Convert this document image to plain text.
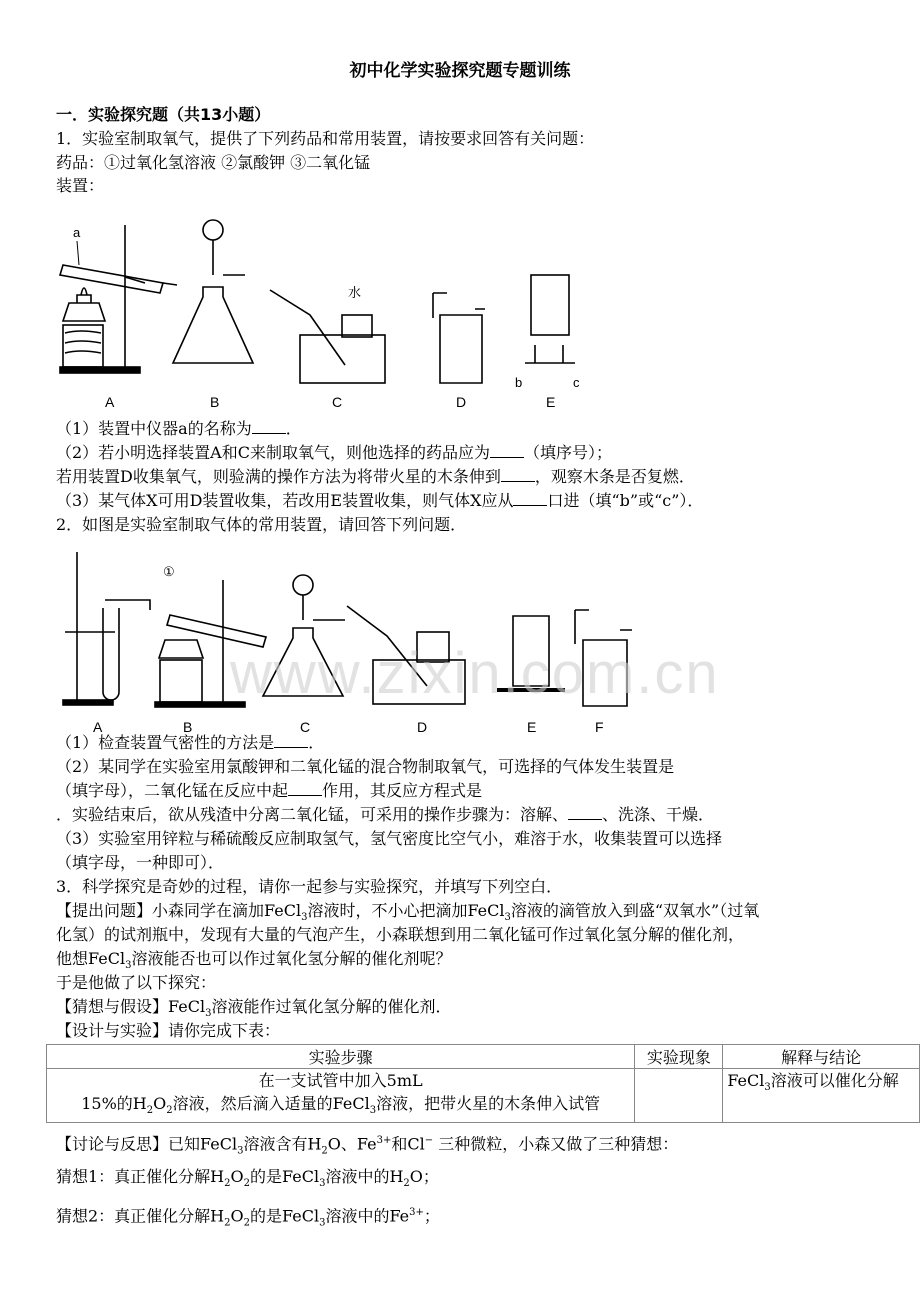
初中化学实验探究题专题训练
一．实验探究题（共13小题）
1．实验室制取氧气，提供了下列药品和常用装置，请按要求回答有关问题：
药品：①过氧化氢溶液 ②氯酸钾 ③二氧化锰
装置：
a
水
b	c
A	B	C	D	E
（1）装置中仪器a的名称为 ．
（2）若小明选择装置A和C来制取氧气，则他选择的药品应为 （填序号）；
若用装置D收集氧气，则验满的操作方法为将带火星的木条伸到 ，观察木条是否复燃．
（3）某气体X可用D装置收集，若改用E装置收集，则气体X应从 口进（填“b”或“c”）．
2．如图是实验室制取气体的常用装置，请回答下列问题．
①
A	B	C	D	E	F
www.zixin.com.cn
（1）检查装置气密性的方法是 ．
（2）某同学在实验室用氯酸钾和二氧化锰的混合物制取氧气，可选择的气体发生装置是
（填字母），二氧化锰在反应中起 作用，其反应方程式是
．实验结束后，欲从残渣中分离二氧化锰，可采用的操作步骤为：溶解、 、洗涤、干燥．
（3）实验室用锌粒与稀硫酸反应制取氢气，氢气密度比空气小，难溶于水，收集装置可以选择
（填字母，一种即可）．
3．科学探究是奇妙的过程，请你一起参与实验探究，并填写下列空白．
【提出问题】小森同学在滴加FeCl$_3$溶液时，不小心把滴加FeCl$_3$溶液的滴管放入到盛“双氧水”（过氧
化氢）的试剂瓶中，发现有大量的气泡产生，小森联想到用二氧化锰可作过氧化氢分解的催化剂，
他想FeCl$_3$溶液能否也可以作过氧化氢分解的催化剂呢？
于是他做了以下探究：
【猜想与假设】FeCl$_3$溶液能作过氧化氢分解的催化剂．
【设计与实验】请你完成下表：
实验步骤	实验现象	解释与结论

在一支试管中加入5mL
15%的$H_2O_2$溶液，然后滴入适量的FeCl$_3$溶液，把带火星的木条伸入试管		FeCl$_3$溶液可以催化分解
【讨论与反思】已知FeCl$_3$溶液含有$H_2O$、$Fe^{3+}$和Cl− 三种微粒，小森又做了三种猜想：
猜想1：真正催化分解$H_2O_2$的是FeCl$_3$溶液中的$H_2O$；
猜想2：真正催化分解$H_2O_2$的是FeCl$_3$溶液中的$Fe^{3+}$；
